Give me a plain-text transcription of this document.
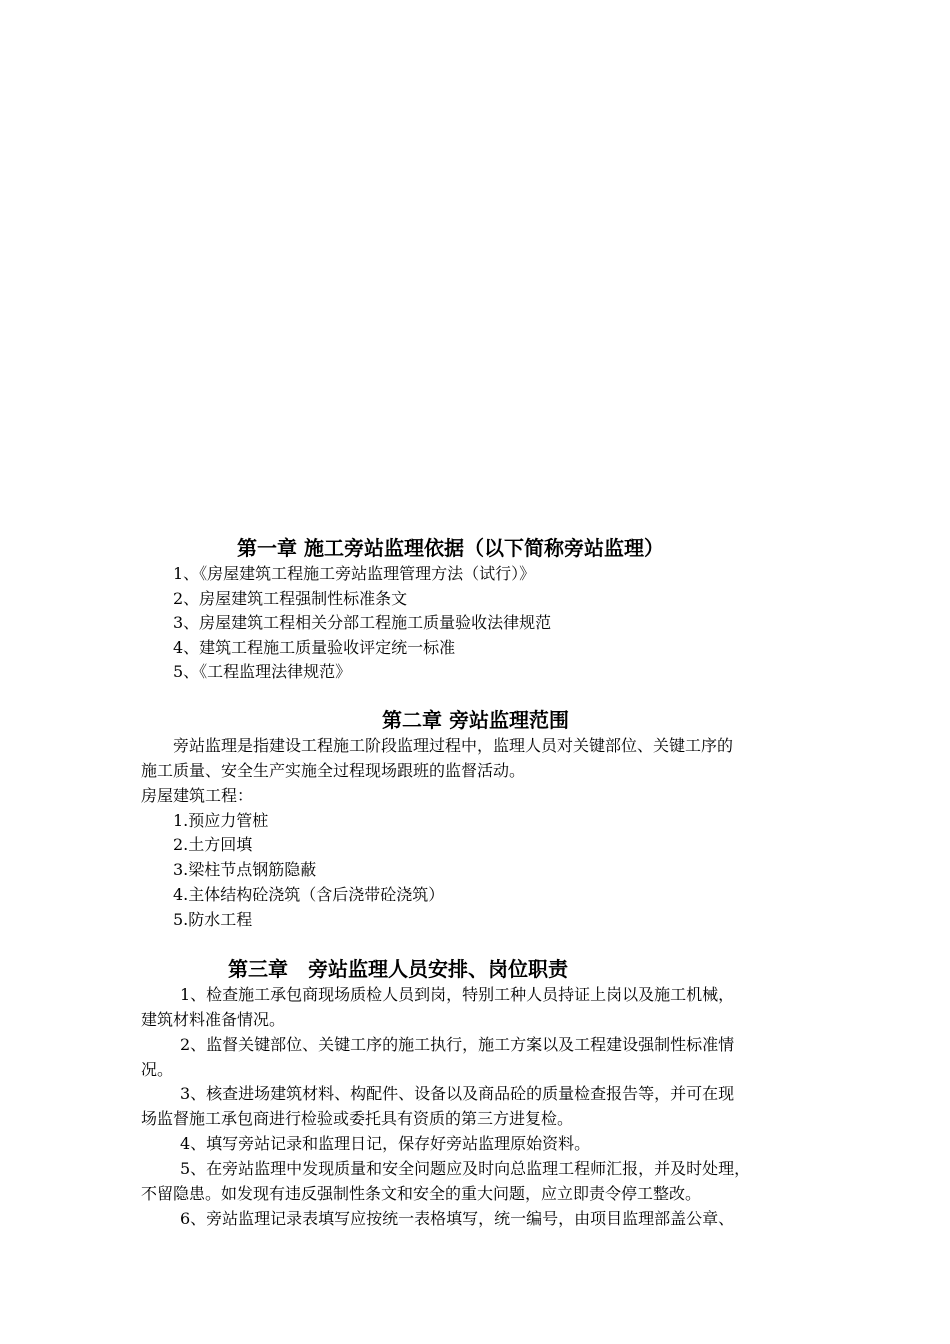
第一章 施工旁站监理依据（以下简称旁站监理）
1、《房屋建筑工程施工旁站监理管理方法（试行）》
2、房屋建筑工程强制性标准条文
3、房屋建筑工程相关分部工程施工质量验收法律规范
4、建筑工程施工质量验收评定统一标准
5、《工程监理法律规范》
第二章 旁站监理范围
旁站监理是指建设工程施工阶段监理过程中，监理人员对关键部位、关键工序的
施工质量、安全生产实施全过程现场跟班的监督活动。
房屋建筑工程：
1.预应力管桩
2.土方回填
3.梁柱节点钢筋隐蔽
4.主体结构砼浇筑（含后浇带砼浇筑）
5.防水工程
第三章　旁站监理人员安排、岗位职责
1、检查施工承包商现场质检人员到岗，特别工种人员持证上岗以及施工机械，
建筑材料准备情况。
2、监督关键部位、关键工序的施工执行，施工方案以及工程建设强制性标准情
况。
3、核查进场建筑材料、构配件、设备以及商品砼的质量检查报告等，并可在现
场监督施工承包商进行检验或委托具有资质的第三方进复检。
4、填写旁站记录和监理日记，保存好旁站监理原始资料。
5、在旁站监理中发现质量和安全问题应及时向总监理工程师汇报，并及时处理，
不留隐患。如发现有违反强制性条文和安全的重大问题，应立即责令停工整改。
6、旁站监理记录表填写应按统一表格填写，统一编号，由项目监理部盖公章、
